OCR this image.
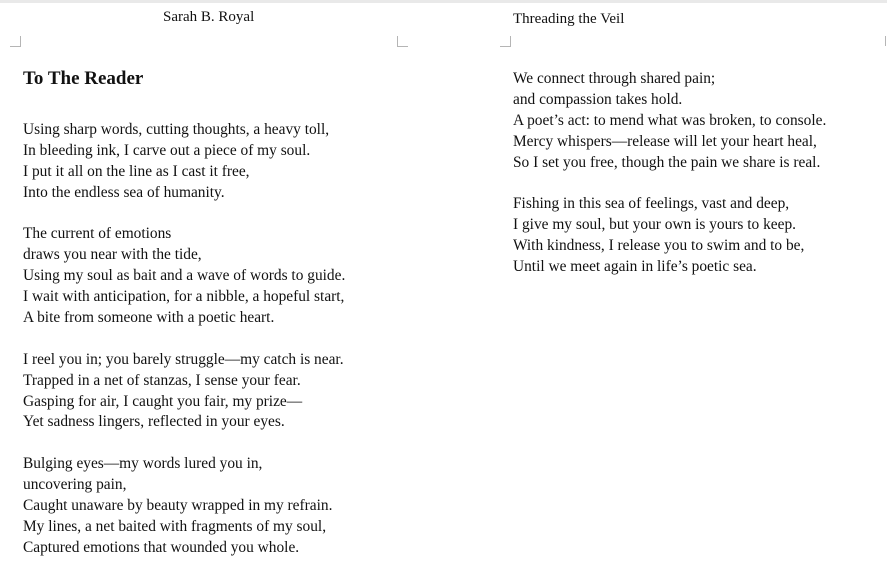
Sarah B. Royal
To The Reader
Using sharp words, cutting thoughts, a heavy toll,
In bleeding ink, I carve out a piece of my soul.
I put it all on the line as I cast it free,
Into the endless sea of humanity.
The current of emotions
draws you near with the tide,
Using my soul as bait and a wave of words to guide.
I wait with anticipation, for a nibble, a hopeful start,
A bite from someone with a poetic heart.
I reel you in; you barely struggle—my catch is near.
Trapped in a net of stanzas, I sense your fear.
Gasping for air, I caught you fair, my prize—
Yet sadness lingers, reflected in your eyes.
Bulging eyes—my words lured you in,
uncovering pain,
Caught unaware by beauty wrapped in my refrain.
My lines, a net baited with fragments of my soul,
Captured emotions that wounded you whole.
Threading the Veil
We connect through shared pain;
and compassion takes hold.
A poet’s act: to mend what was broken, to console.
Mercy whispers—release will let your heart heal,
So I set you free, though the pain we share is real.
Fishing in this sea of feelings, vast and deep,
I give my soul, but your own is yours to keep.
With kindness, I release you to swim and to be,
Until we meet again in life’s poetic sea.
